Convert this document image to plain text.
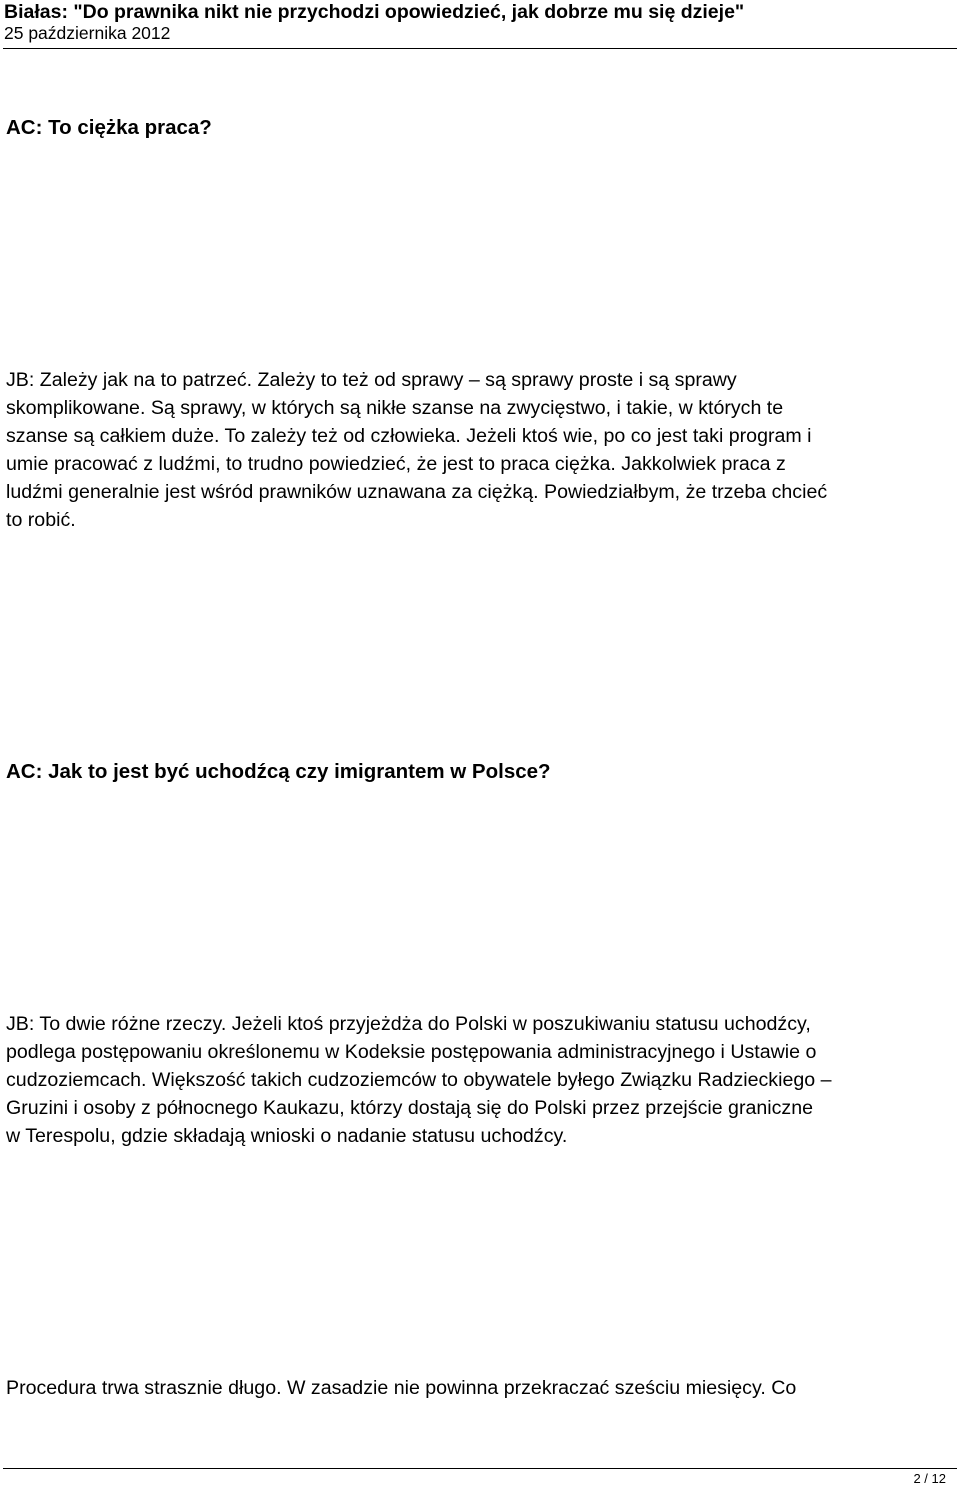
Białas: "Do prawnika nikt nie przychodzi opowiedzieć, jak dobrze mu się dzieje"
25 października 2012
AC: To ciężka praca?
JB: Zależy jak na to patrzeć. Zależy to też od sprawy – są sprawy proste i są sprawy
skomplikowane. Są sprawy, w których są nikłe szanse na zwycięstwo, i takie, w których te
szanse są całkiem duże. To zależy też od człowieka. Jeżeli ktoś wie, po co jest taki program i
umie pracować z ludźmi, to trudno powiedzieć, że jest to praca ciężka. Jakkolwiek praca z
ludźmi generalnie jest wśród prawników uznawana za ciężką. Powiedziałbym, że trzeba chcieć
to robić.
AC: Jak to jest być uchodźcą czy imigrantem w Polsce?
JB: To dwie różne rzeczy. Jeżeli ktoś przyjeżdża do Polski w poszukiwaniu statusu uchodźcy,
podlega postępowaniu określonemu w Kodeksie postępowania administracyjnego i Ustawie o
cudzoziemcach. Większość takich cudzoziemców to obywatele byłego Związku Radzieckiego –
Gruzini i osoby z północnego Kaukazu, którzy dostają się do Polski przez przejście graniczne
w Terespolu, gdzie składają wnioski o nadanie statusu uchodźcy.
Procedura trwa strasznie długo. W zasadzie nie powinna przekraczać sześciu miesięcy. Co
2 / 12
